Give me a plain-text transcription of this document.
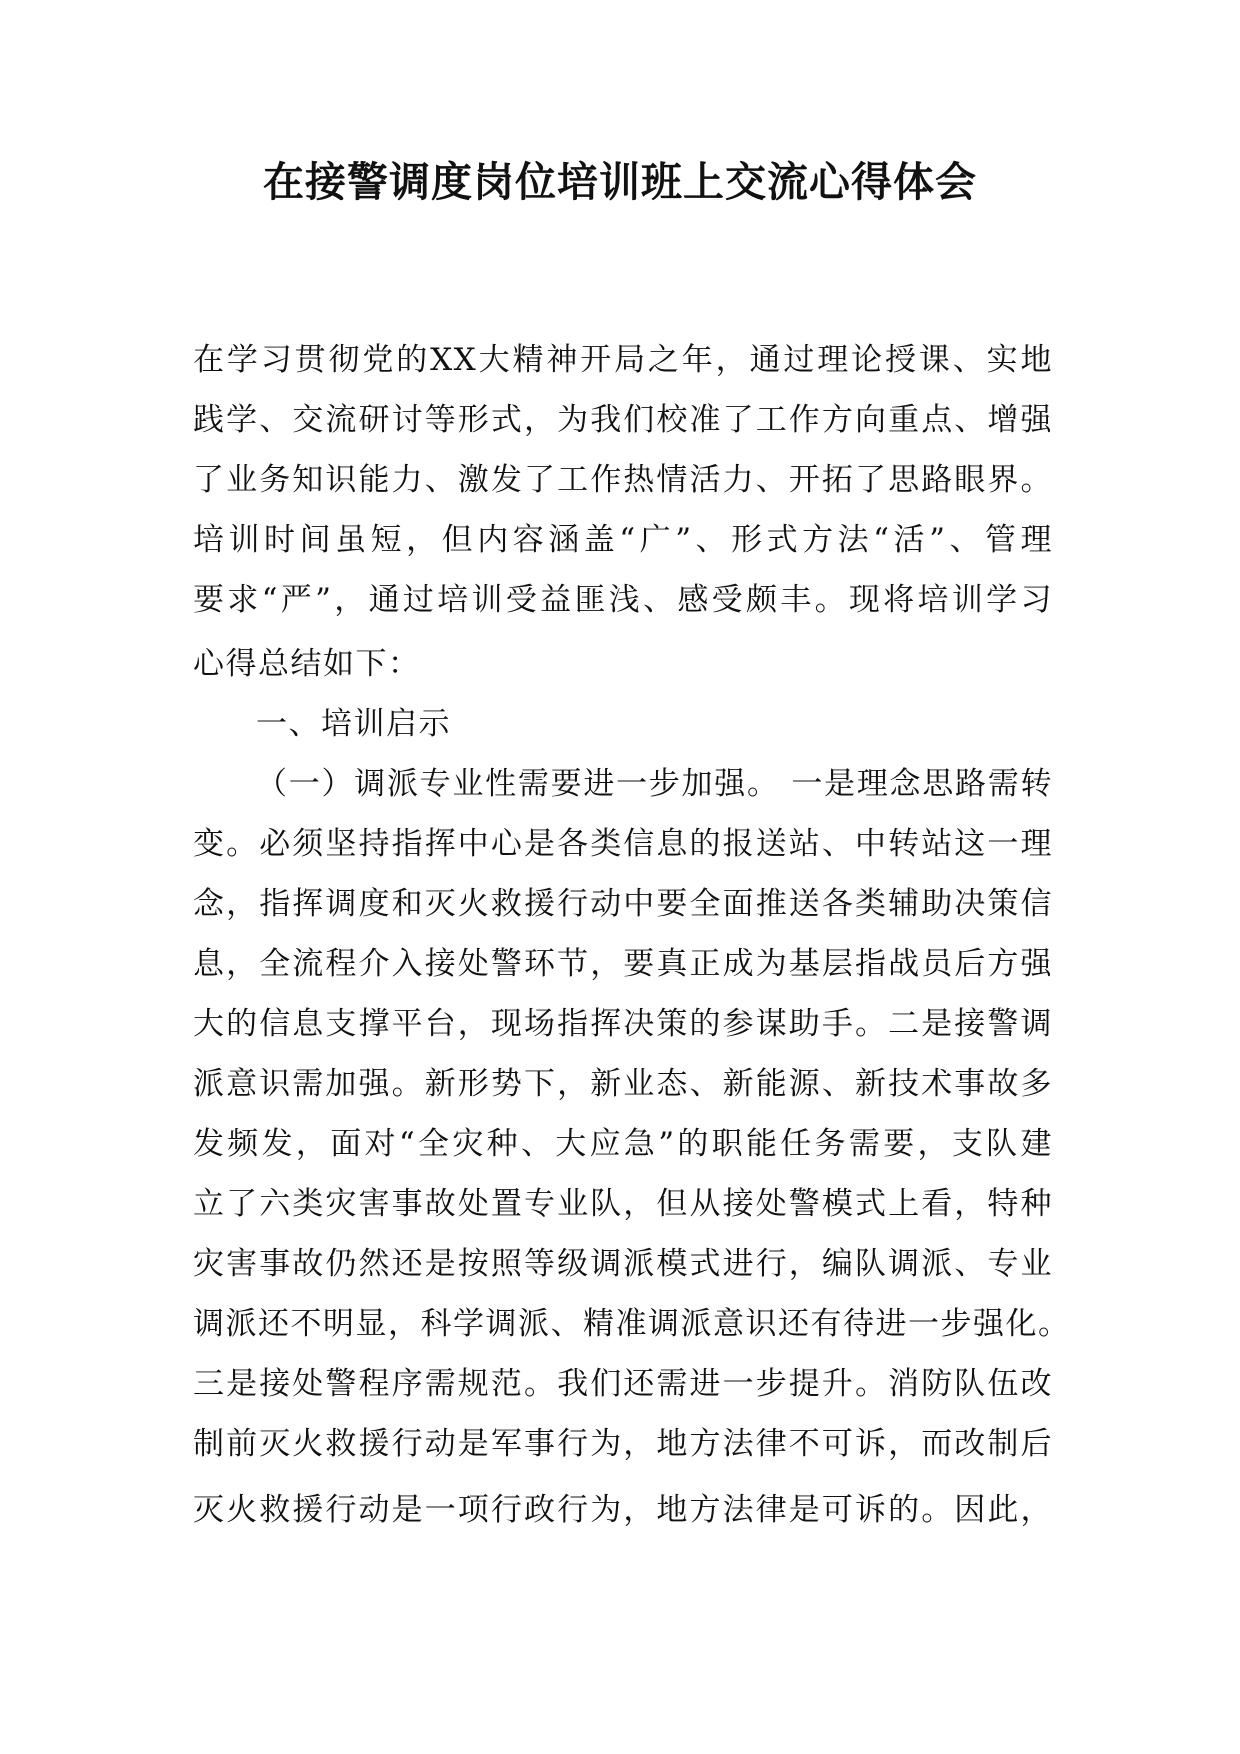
在接警调度岗位培训班上交流心得体会
在学习贯彻党的XX大精神开局之年，通过理论授课、实地
践学、交流研讨等形式，为我们校准了工作方向重点、增强
了业务知识能力、激发了工作热情活力、开拓了思路眼界。
培训时间虽短，但内容涵盖“广”、形式方法“活”、管理
要求“严”，通过培训受益匪浅、感受颇丰。现将培训学习
心得总结如下：
一、培训启示
（一）调派专业性需要进一步加强。 一是理念思路需转
变。必须坚持指挥中心是各类信息的报送站、中转站这一理
念，指挥调度和灭火救援行动中要全面推送各类辅助决策信
息，全流程介入接处警环节，要真正成为基层指战员后方强
大的信息支撑平台，现场指挥决策的参谋助手。二是接警调
派意识需加强。新形势下，新业态、新能源、新技术事故多
发频发，面对“全灾种、大应急”的职能任务需要，支队建
立了六类灾害事故处置专业队，但从接处警模式上看，特种
灾害事故仍然还是按照等级调派模式进行，编队调派、专业
调派还不明显，科学调派、精准调派意识还有待进一步强化。
三是接处警程序需规范。我们还需进一步提升。消防队伍改
制前灭火救援行动是军事行为，地方法律不可诉，而改制后
灭火救援行动是一项行政行为，地方法律是可诉的。因此，
